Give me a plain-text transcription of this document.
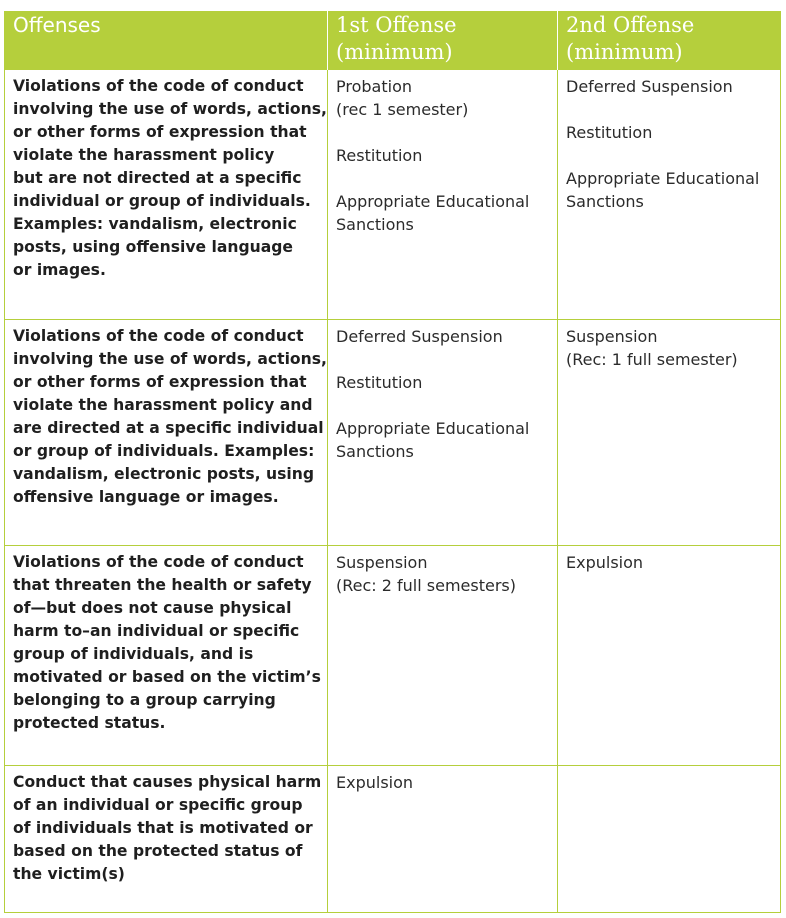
Offenses	1st Offense
(minimum)
2nd Offense
(minimum)
Violations of the code of conduct
involving the use of words, actions,
or other forms of expression that
violate the harassment policy
but are not directed at a specific
individual or group of individuals.
Examples: vandalism, electronic
posts, using offensive language
or images.
Probation
(rec 1 semester)
Restitution
Appropriate Educational
Sanctions
Deferred Suspension
Restitution
Appropriate Educational
Sanctions
Violations of the code of conduct
involving the use of words, actions,
or other forms of expression that
violate the harassment policy and
are directed at a specific individual
or group of individuals. Examples:
vandalism, electronic posts, using
offensive language or images.
Deferred Suspension
Restitution
Appropriate Educational
Sanctions
Suspension
(Rec: 1 full semester)
Violations of the code of conduct
that threaten the health or safety
of—but does not cause physical
harm to–an individual or specific
group of individuals, and is
motivated or based on the victim’s
belonging to a group carrying
protected status.
Suspension
(Rec: 2 full semesters)
Expulsion
Conduct that causes physical harm
of an individual or specific group
of individuals that is motivated or
based on the protected status of
the victim(s)
Expulsion
